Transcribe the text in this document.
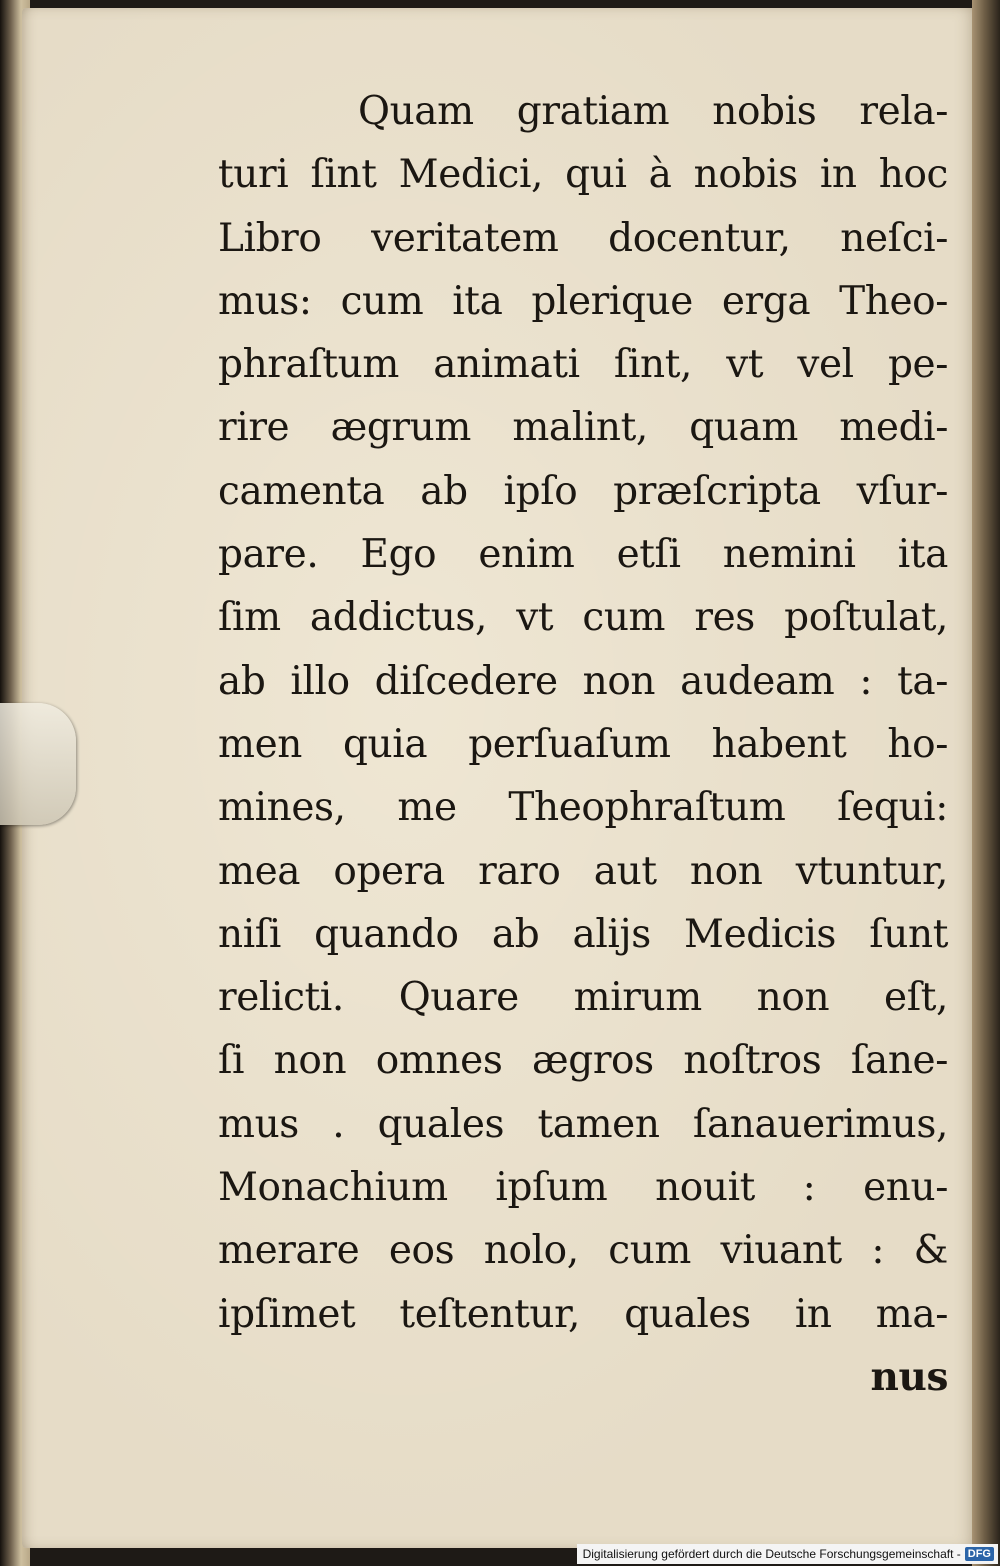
Quam gratiam nobis rela-
turi ſint Medici, qui à nobis in hoc
Libro veritatem docentur, neſci-
mus: cum ita plerique erga Theo-
phraſtum animati ſint, vt vel pe-
rire ægrum malint, quam medi-
camenta ab ipſo præſcripta vſur-
pare. Ego enim etſi nemini ita
ſim addictus, vt cum res poſtulat,
ab illo diſcedere non audeam : ta-
men quia perſuaſum habent ho-
mines, me Theophraſtum ſequi:
mea opera raro aut non vtuntur,
niſi quando ab alijs Medicis ſunt
relicti. Quare mirum non eſt,
ſi non omnes ægros noſtros ſane-
mus . quales tamen ſanauerimus,
Monachium ipſum nouit : enu-
merare eos nolo, cum viuant : &
ipſimet teſtentur, quales in ma-
nus
Digitalisierung gefördert durch die Deutsche Forschungsgemeinschaft - DFG
